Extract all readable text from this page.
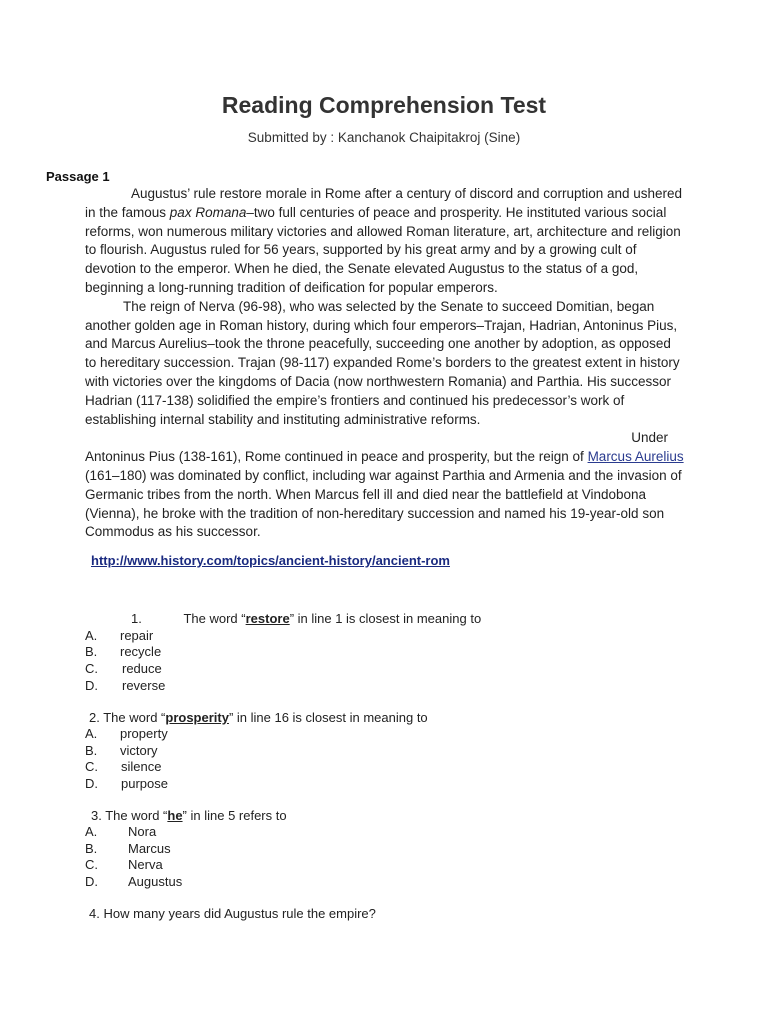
Reading Comprehension Test
Submitted by : Kanchanok Chaipitakroj (Sine)
Passage 1

Augustus’ rule restore morale in Rome after a century of discord and corruption and ushered in the famous pax Romana–two full centuries of peace and prosperity. He instituted various social reforms, won numerous military victories and allowed Roman literature, art, architecture and religion to flourish. Augustus ruled for 56 years, supported by his great army and by a growing cult of devotion to the emperor. When he died, the Senate elevated Augustus to the status of a god, beginning a long-running tradition of deification for popular emperors.

The reign of Nerva (96-98), who was selected by the Senate to succeed Domitian, began another golden age in Roman history, during which four emperors–Trajan, Hadrian, Antoninus Pius, and Marcus Aurelius–took the throne peacefully, succeeding one another by adoption, as opposed to hereditary succession. Trajan (98-117) expanded Rome’s borders to the greatest extent in history with victories over the kingdoms of Dacia (now northwestern Romania) and Parthia. His successor Hadrian (117-138) solidified the empire’s frontiers and continued his predecessor’s work of establishing internal stability and instituting administrative reforms.

Under
Antoninus Pius (138-161), Rome continued in peace and prosperity, but the reign of Marcus Aurelius (161–180) was dominated by conflict, including war against Parthia and Armenia and the invasion of Germanic tribes from the north. When Marcus fell ill and died near the battlefield at Vindobona (Vienna), he broke with the tradition of non-hereditary succession and named his 19-year-old son Commodus as his successor.

http://www.history.com/topics/ancient-history/ancient-rom
1.	The word “restore” in line 1 is closest in meaning to
A. repair
B. recycle
C. reduce
D. reverse
2. The word “prosperity” in line 16 is closest in meaning to
A. property
B. victory
C. silence
D. purpose
3. The word “he” in line 5 refers to
A. Nora
B. Marcus
C. Nerva
D. Augustus
4. How many years did Augustus rule the empire?
